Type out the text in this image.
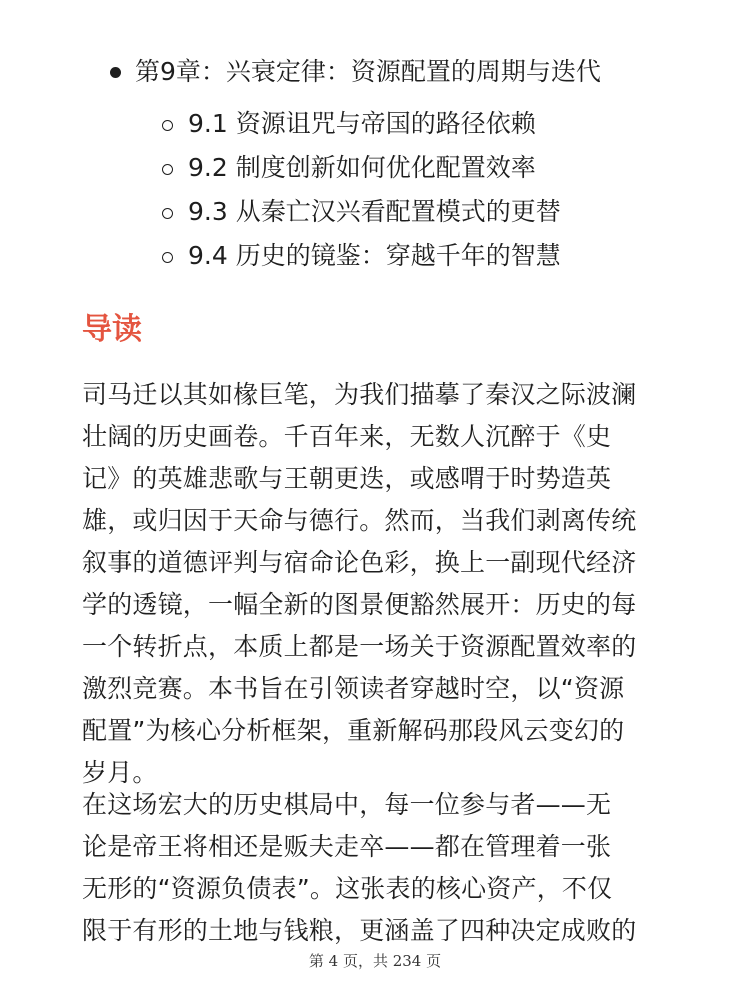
第9章：兴衰定律：资源配置的周期与迭代
9.1 资源诅咒与帝国的路径依赖
9.2 制度创新如何优化配置效率
9.3 从秦亡汉兴看配置模式的更替
9.4 历史的镜鉴：穿越千年的智慧
导读
司马迁以其如椽巨笔，为我们描摹了秦汉之际波澜
壮阔的历史画卷。千百年来，无数人沉醉于《史
记》的英雄悲歌与王朝更迭，或感喟于时势造英
雄，或归因于天命与德行。然而，当我们剥离传统
叙事的道德评判与宿命论色彩，换上一副现代经济
学的透镜，一幅全新的图景便豁然展开：历史的每
一个转折点，本质上都是一场关于资源配置效率的
激烈竞赛。本书旨在引领读者穿越时空，以“资源
配置”为核心分析框架，重新解码那段风云变幻的
岁月。
在这场宏大的历史棋局中，每一位参与者——无
论是帝王将相还是贩夫走卒——都在管理着一张
无形的“资源负债表”。这张表的核心资产，不仅
限于有形的土地与钱粮，更涵盖了四种决定成败的
第 4 页，共 234 页
